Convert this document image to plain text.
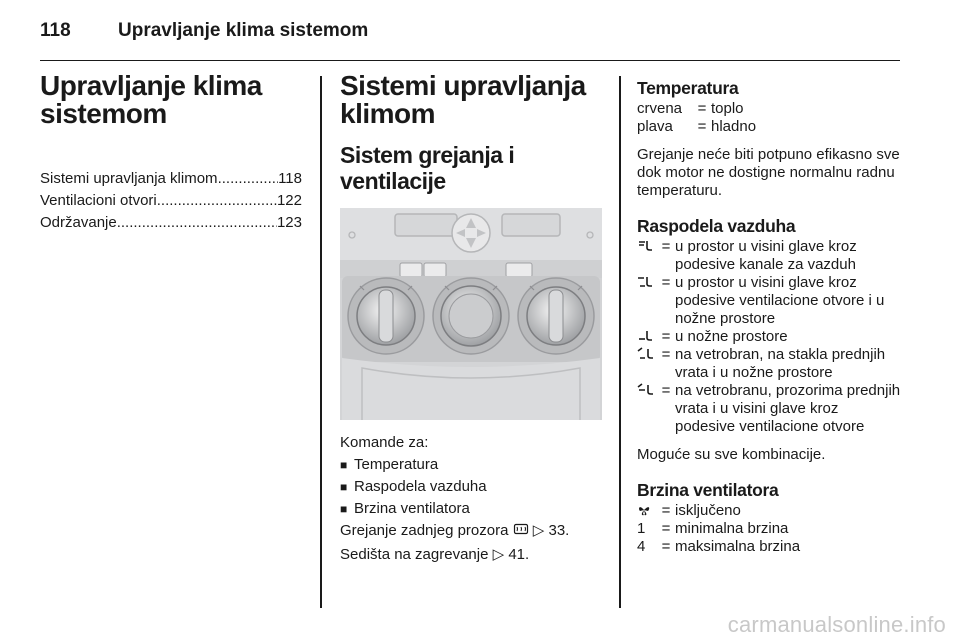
118 Upravljanje klima sistemom
Upravljanje klima
sistemom
Sistemi upravljanja klimom .....	118
Ventilacioni otvori .....	122
Održavanje .....	123
Sistemi upravljanja
klimom
Sistem grejanja i
ventilacije

Komande za:

■ Temperatura
■ Raspodela vazduha
■ Brzina ventilatora

Grejanje zadnjeg prozora ▷ 33.

Sedišta na zagrevanje ▷ 41.

Temperatura
crvena	= toplo
plava	= hladno

Grejanje neće biti potpuno efikasno sve dok motor ne dostigne normalnu radnu temperaturu.

Raspodela vazduha
= u prostor u visini glave kroz podesive kanale za vazduh
= u prostor u visini glave kroz podesive ventilacione otvore i u nožne prostore
= u nožne prostore
= na vetrobran, na stakla prednjih vrata i u nožne prostore
= na vetrobranu, prozorima prednjih vrata i u visini glave kroz podesive ventilacione otvore

Moguće su sve kombinacije.

Brzina ventilatora
= isključeno
1	= minimalna brzina
4	= maksimalna brzina
carmanualsonline.info
